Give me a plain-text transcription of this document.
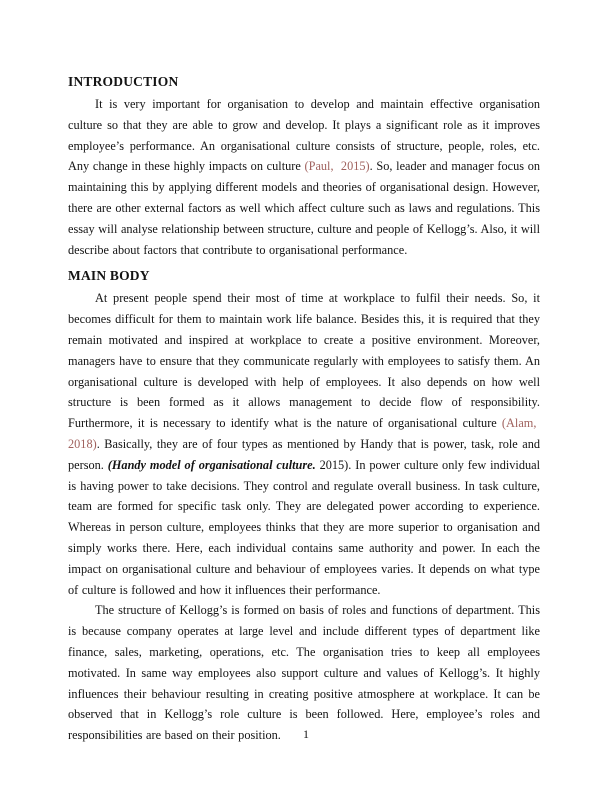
INTRODUCTION

It is very important for organisation to develop and maintain effective organisation culture so that they are able to grow and develop. It plays a significant role as it improves employee’s performance. An organisational culture consists of structure, people, roles, etc. Any change in these highly impacts on culture (Paul,  2015). So, leader and manager focus on maintaining this by applying different models and theories of organisational design. However, there are other external factors as well which affect culture such as laws and regulations. This essay will analyse relationship between structure, culture and people of Kellogg’s. Also, it will describe about factors that contribute to organisational performance.

MAIN BODY

At present people spend their most of time at workplace to fulfil their needs. So, it becomes difficult for them to maintain work life balance. Besides this, it is required that they remain motivated and inspired at workplace to create a positive environment. Moreover, managers have to ensure that they communicate regularly with employees to satisfy them. An organisational culture is developed with help of employees. It also depends on how well structure is been formed as it allows management to decide flow of responsibility. Furthermore, it is necessary to identify what is the nature of organisational culture (Alam,  2018). Basically, they are of four types as mentioned by Handy that is power, task, role and person. (Handy model of organisational culture. 2015). In power culture only few individual is having power to take decisions. They control and regulate overall business. In task culture, team are formed for specific task only. They are delegated power according to experience. Whereas in person culture, employees thinks that they are more superior to organisation and simply works there. Here, each individual contains same authority and power. In each the impact on organisational culture and behaviour of employees varies. It depends on what type of culture is followed and how it influences their performance.

The structure of Kellogg’s is formed on basis of roles and functions of department. This is because company operates at large level and include different types of department like finance, sales, marketing, operations, etc. The organisation tries to keep all employees motivated. In same way employees also support culture and values of Kellogg’s. It highly influences their behaviour resulting in creating positive atmosphere at workplace. It can be observed that in Kellogg’s role culture is been followed. Here, employee’s roles and responsibilities are based on their position.	1
